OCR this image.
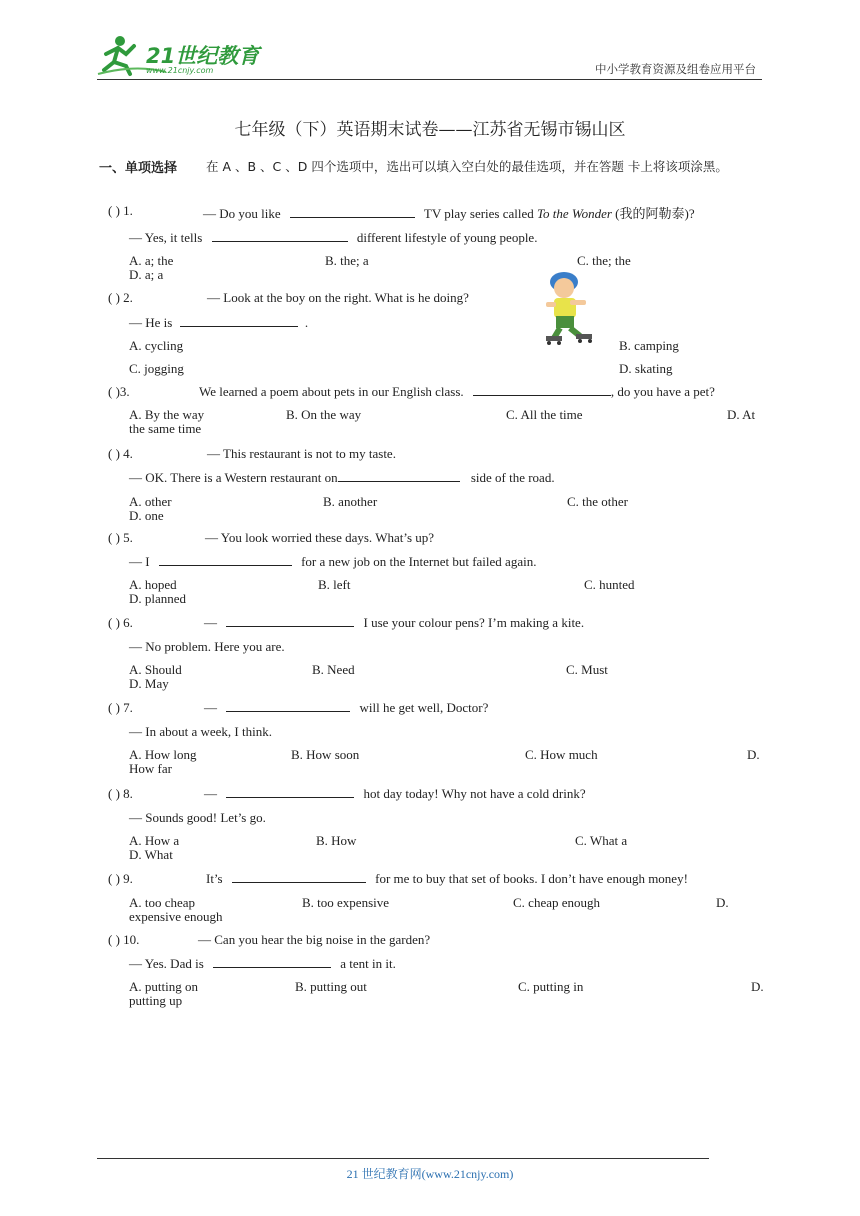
21世纪教育
www.21cnjy.com	中小学教育资源及组卷应用平台
七年级（下）英语期末试卷——江苏省无锡市锡山区
一、单项选择 在 A 、B 、C 、D 四个选项中，选出可以填入空白处的最佳选项，并在答题 卡上将该项涂黑。
( ) 1.	— Do you like	TV play series called To the Wonder (我的阿勒泰)?
— Yes, it tells	different lifestyle of young people.
A. a; the	B. the; a	C. the; the
D. a; a
( ) 2.	— Look at the boy on the right. What is he doing?
— He is	.
A. cycling	B. camping
C. jogging	D. skating
( )3.	We learned a poem about pets in our English class.	, do you have a pet?
A. By the way	B. On the way	C. All the time	D. At
the same time
( ) 4.	— This restaurant is not to my taste.
— OK. There is a Western restaurant on	side of the road.
A. other	B. another	C. the other
D. one
( ) 5.	— You look worried these days. What’s up?
— I	for a new job on the Internet but failed again.
A. hoped	B. left	C. hunted
D. planned
( ) 6.	—	I use your colour pens? I’m making a kite.
— No problem. Here you are.
A. Should	B. Need	C. Must
D. May
( ) 7.	—	will he get well, Doctor?
— In about a week, I think.
A. How long	B. How soon	C. How much	D.
How far
( ) 8.	—	hot day today! Why not have a cold drink?
— Sounds good! Let’s go.
A. How a	B. How	C. What a
D. What
( ) 9.	It’s	for me to buy that set of books. I don’t have enough money!
A. too cheap	B. too expensive	C. cheap enough	D.
expensive enough
( ) 10.	— Can you hear the big noise in the garden?
— Yes. Dad is	a tent in it.
A. putting on	B. putting out	C. putting in	D.
putting up
21 世纪教育网(www.21cnjy.com)
